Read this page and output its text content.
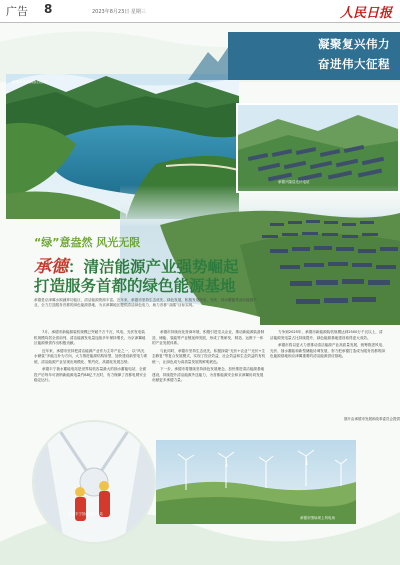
广告 8	2023年8月23日 星期三	人民日报
承德市宽城满族自治县
凝聚复兴伟力
奋进伟大征程
承德兴隆县光伏电站
“绿”意盎然 风光无限
承德：清洁能源产业强势崛起
打造服务首都的绿色能源基地
承德是京津冀水源涵养功能区，清洁能源资源丰富。近年来，承德市坚持生态优先、绿色发展，积极发展风电、光伏、抽水蓄能等清洁能源产业，全力打造服务首都的绿色能源基地，为京津冀地区提供清洁绿色电力，助力首都“双碳”目标实现。

7月，承德市新能源装机规模已突破千万千瓦，风电、光伏发电装机规模均居全省前列，清洁能源发电量连续多年保持增长，为京津冀地区能源保供作出积极贡献。

近年来，承德市坚持把清洁能源产业作为主导产业之一，以“风光水储氢”多能互补为方向，大力推进能源结构转型，加快建设新型电力系统，清洁能源产业呈现出规模化、集约化、高端化发展态势。

承德丰宁抽水蓄能电站是世界装机容量最大的抽水蓄能电站，全面投产后每年可消纳新能源电量约88亿千瓦时，有力保障了首都电网安全稳定运行。

承德市持续优化营商环境，积极引进龙头企业，推动新能源装备制造、储能、氢能等产业链延伸发展，形成了集研发、制造、运维于一体的产业发展体系。

与此同时，承德市坚持生态优先，积极探索“光伏+农业”“光伏+生态修复”等复合发展模式，实现了经济效益、社会效益和生态效益的有机统一，让绿色成为高质量发展的鲜明底色。

下一步，承德市将继续坚持绿色发展理念，加快推进清洁能源基地建设，持续提升清洁能源外送能力，为首都能源安全和京津冀协同发展贡献更多承德力量。

力争到2025年，承德市新能源装机规模达到2500万千瓦以上，清洁能源发电量占比持续提升，绿色能源基地建设取得更大成效。

承德市将以更大力度推动清洁能源产业高质量发展，统筹推进风电、光伏、抽水蓄能和新型储能协调发展，努力把承德打造成为服务首都的绿色能源基地和京津冀重要的清洁能源供应基地。

图片由承德市发展和改革委员会提供
承德丰宁抽水蓄能电站
承德市围场坝上风电场
